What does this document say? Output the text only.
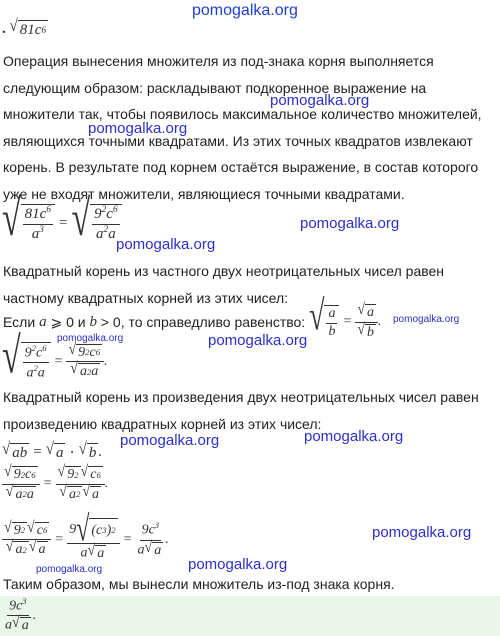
pomogalka.org
pomogalka.org
pomogalka.org
pomogalka.org
pomogalka.org
pomogalka.org
pomogalka.org	pomogalka.org
pomogalka.org	pomogalka.org
pomogalka.org
pomogalka.org
pomogalka.org
. √ 81c 6
Операция вынесения множителя из под-знака корня выполняется следующим образом: раскладывают подкоренное выражение на множители так, чтобы появилось максимальное количество множителей, являющихся точными квадратами. Из этих точных квадратов извлекают корень. В результате под корнем остаётся выражение, в состав которого уже не входят множители, являющиеся точными квадратами.
√ $\frac{81c^6}{a^3}$ = √ $\frac{9^2c^6}{a^2a}$
Квадратный корень из частного двух неотрицательных чисел равен частному квадратных корней из этих чисел:
Если
a
⩾ 0 и
b
> 0, то справедливо равенство:
√ $\frac{a}{b} = \frac{√ a}{√ b}$ .
√ $\frac{9^2c^6}{a^2a} = \frac{√ 9 2 c 6}{√ a 2 a}$ .
Квадратный корень из произведения двух неотрицательных чисел равен произведению квадратных корней из этих чисел:
√ a b = √ a ⋅ √ b .
$\frac{√ 9 2 c 6}{√ a 2 a} = \frac{√ 9 2 √ c 6}{√ a 2 √ a}$ .
$\frac{√ 9 2 √ c 6}{√ a 2 √ a} = \frac{9 √ ( c 3 ) 2}{a √ a} = \frac{9c^3}{a √ a}$ .
Таким образом, мы вынесли множитель из-под знака корня.
$\frac{9c^3}{a √ a}$ .
